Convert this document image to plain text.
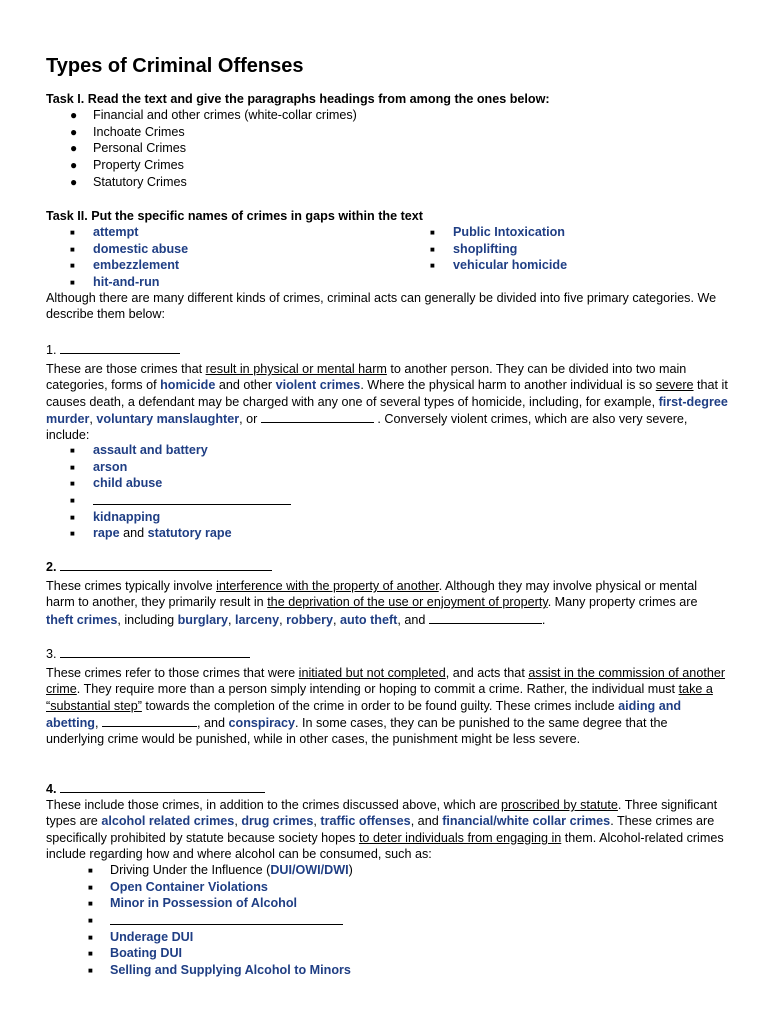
Types of Criminal Offenses

Task I. Read the text and give the paragraphs headings from among the ones below:

● Financial and other crimes (white-collar crimes)
● Inchoate Crimes
● Personal Crimes
● Property Crimes
● Statutory Crimes

Task II. Put the specific names of crimes in gaps within the text

■ attempt
■ domestic abuse
■ embezzlement
■ hit-and-run
■ Public Intoxication
■ shoplifting
■ vehicular homicide

Although there are many different kinds of crimes, criminal acts can generally be divided into five primary categories. We describe them below:

1.

These are those crimes that result in physical or mental harm to another person. They can be divided into two main categories, forms of homicide and other violent crimes. Where the physical harm to another individual is so severe that it causes death, a defendant may be charged with any one of several types of homicide, including, for example, first-degree murder, voluntary manslaughter, or	. Conversely violent crimes, which are also very severe, include:

■ assault and battery
■ arson
■ child abuse
■
■ kidnapping
■ rape and statutory rape

2.

These crimes typically involve interference with the property of another. Although they may involve physical or mental harm to another, they primarily result in the deprivation of the use or enjoyment of property. Many property crimes are theft crimes, including burglary, larceny, robbery, auto theft, and	.

3.

These crimes refer to those crimes that were initiated but not completed, and acts that assist in the commission of another crime. They require more than a person simply intending or hoping to commit a crime. Rather, the individual must take a “substantial step” towards the completion of the crime in order to be found guilty. These crimes include aiding and abetting,	, and conspiracy. In some cases, they can be punished to the same degree that the underlying crime would be punished, while in other cases, the punishment might be less severe.

4.

These include those crimes, in addition to the crimes discussed above, which are proscribed by statute. Three significant types are alcohol related crimes, drug crimes, traffic offenses, and financial/white collar crimes. These crimes are specifically prohibited by statute because society hopes to deter individuals from engaging in them. Alcohol-related crimes include regarding how and where alcohol can be consumed, such as:

■ Driving Under the Influence (DUI/OWI/DWI)
■ Open Container Violations
■ Minor in Possession of Alcohol
■
■ Underage DUI
■ Boating DUI
■ Selling and Supplying Alcohol to Minors
